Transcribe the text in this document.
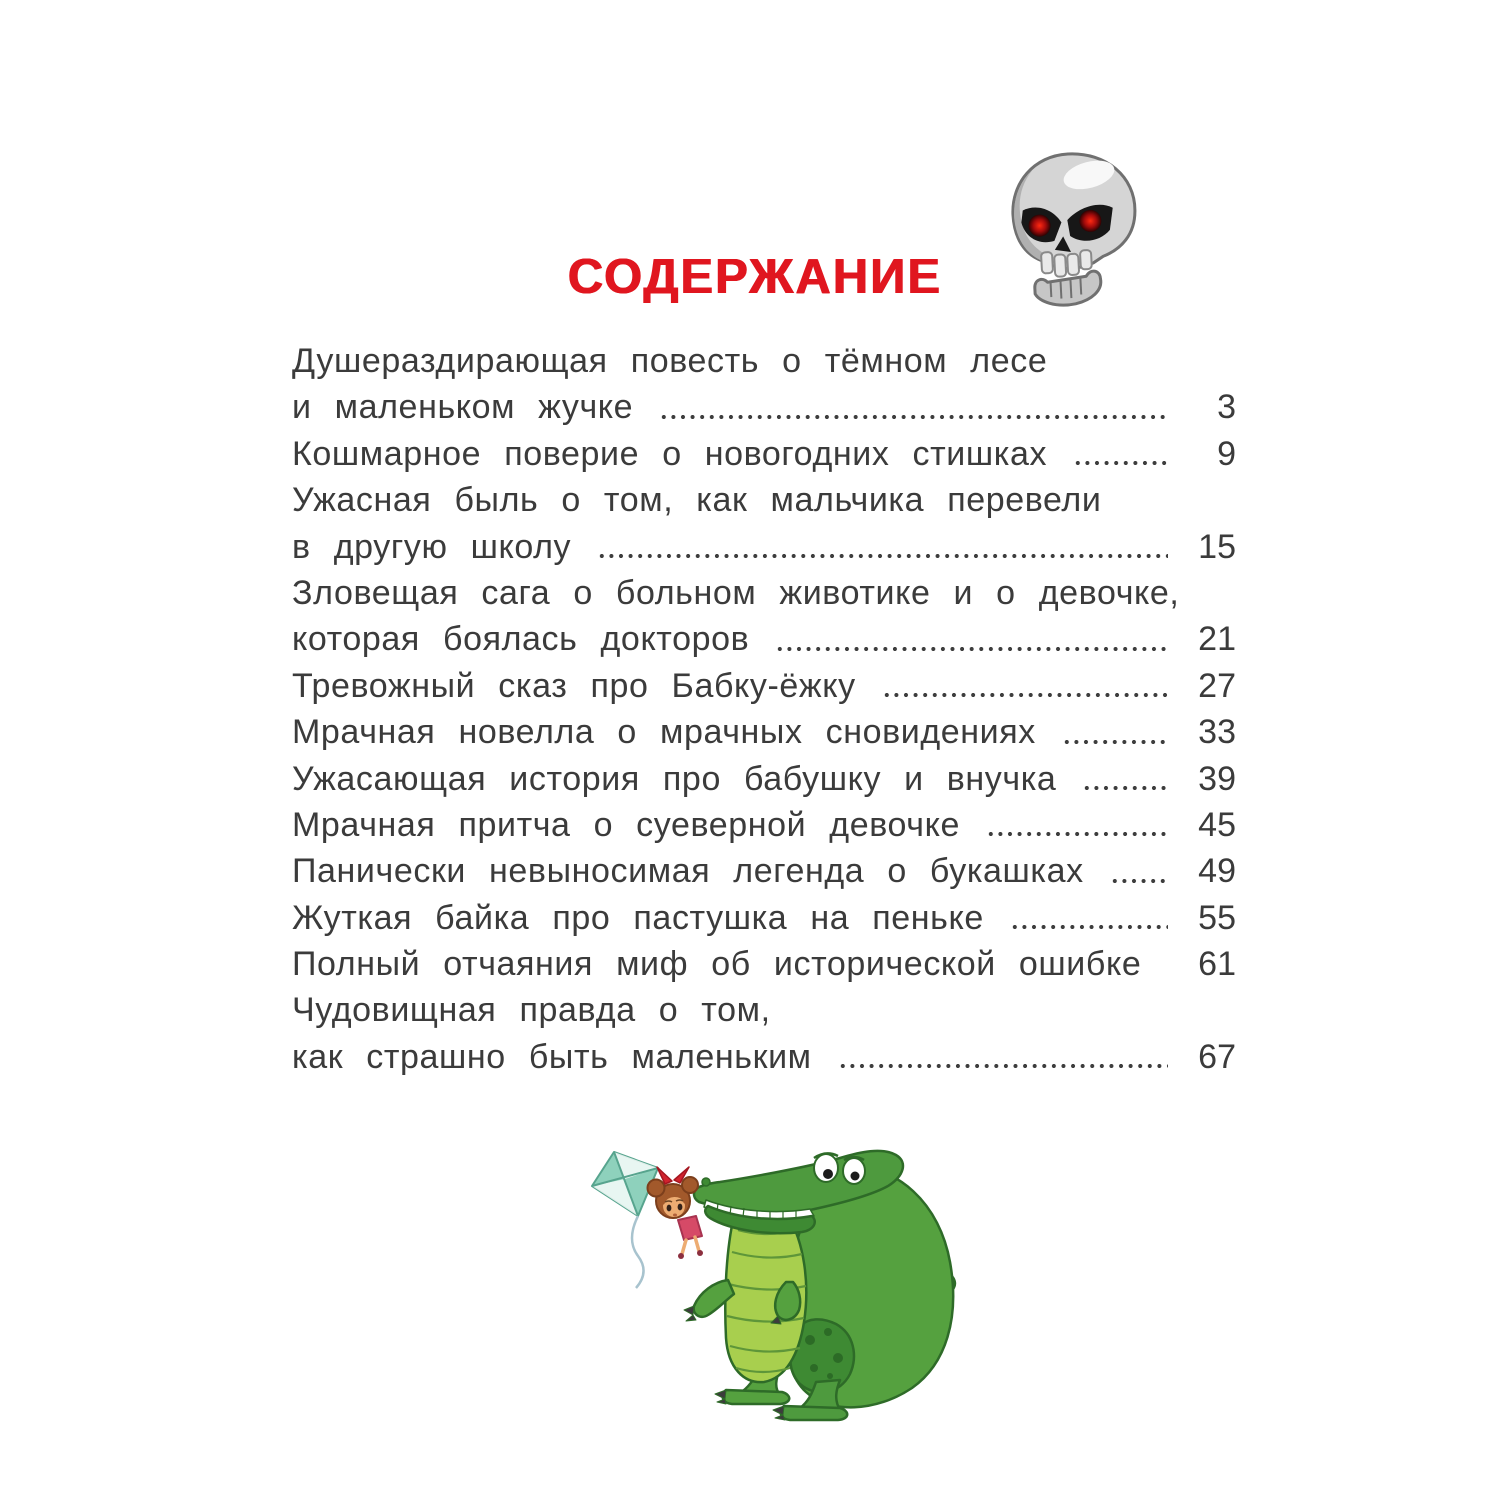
СОДЕРЖАНИЕ
Душераздирающая повесть о тёмном лесе
и маленьком жучке	3
Кошмарное поверие о новогодних стишках	9
Ужасная быль о том, как мальчика перевели
в другую школу	15
Зловещая сага о больном животике и о девочке,
которая боялась докторов	21
Тревожный сказ про Бабку-ёжку	27
Мрачная новелла о мрачных сновидениях	33
Ужасающая история про бабушку и внучка	39
Мрачная притча о суеверной девочке	45
Панически невыносимая легенда о букашках	49
Жуткая байка про пастушка на пеньке	55
Полный отчаяния миф об исторической ошибке	61
Чудовищная правда о том,
как страшно быть маленьким	67
